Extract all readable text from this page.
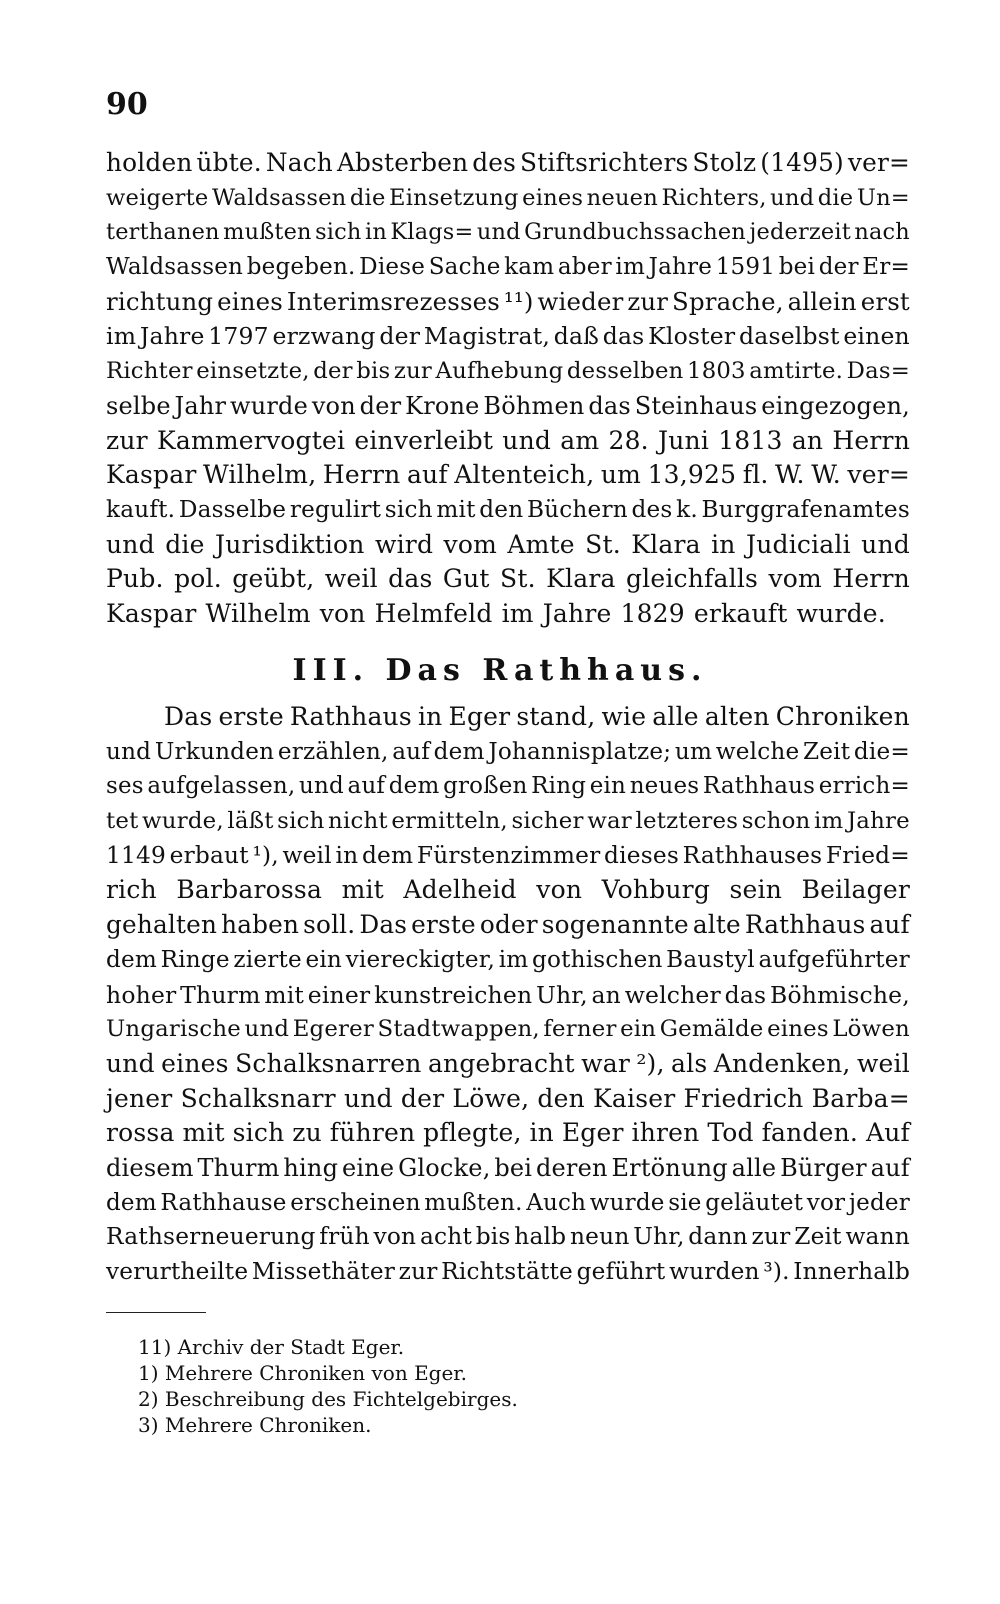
90
holden übte. Nach Absterben des Stiftsrichters Stolz (1495) ver=
weigerte Waldsassen die Einsetzung eines neuen Richters, und die Un=
terthanen mußten sich in Klags= und Grundbuchssachen jederzeit nach
Waldsassen begeben. Diese Sache kam aber im Jahre 1591 bei der Er=
richtung eines Interimsrezesses ¹¹) wieder zur Sprache, allein erst
im Jahre 1797 erzwang der Magistrat, daß das Kloster daselbst einen
Richter einsetzte, der bis zur Aufhebung desselben 1803 amtirte. Das=
selbe Jahr wurde von der Krone Böhmen das Steinhaus eingezogen,
zur Kammervogtei einverleibt und am 28. Juni 1813 an Herrn
Kaspar Wilhelm, Herrn auf Altenteich, um 13,925 fl. W. W. ver=
kauft. Dasselbe regulirt sich mit den Büchern des k. Burggrafenamtes
und die Jurisdiktion wird vom Amte St. Klara in Judiciali und
Pub. pol. geübt, weil das Gut St. Klara gleichfalls vom Herrn
Kaspar Wilhelm von Helmfeld im Jahre 1829 erkauft wurde.
III. Das Rathhaus.
Das erste Rathhaus in Eger stand, wie alle alten Chroniken
und Urkunden erzählen, auf dem Johannisplatze; um welche Zeit die=
ses aufgelassen, und auf dem großen Ring ein neues Rathhaus errich=
tet wurde, läßt sich nicht ermitteln, sicher war letzteres schon im Jahre
1149 erbaut ¹), weil in dem Fürstenzimmer dieses Rathhauses Fried=
rich Barbarossa mit Adelheid von Vohburg sein Beilager
gehalten haben soll. Das erste oder sogenannte alte Rathhaus auf
dem Ringe zierte ein viereckigter, im gothischen Baustyl aufgeführter
hoher Thurm mit einer kunstreichen Uhr, an welcher das Böhmische,
Ungarische und Egerer Stadtwappen, ferner ein Gemälde eines Löwen
und eines Schalksnarren angebracht war ²), als Andenken, weil
jener Schalksnarr und der Löwe, den Kaiser Friedrich Barba=
rossa mit sich zu führen pflegte, in Eger ihren Tod fanden. Auf
diesem Thurm hing eine Glocke, bei deren Ertönung alle Bürger auf
dem Rathhause erscheinen mußten. Auch wurde sie geläutet vor jeder
Rathserneuerung früh von acht bis halb neun Uhr, dann zur Zeit wann
verurtheilte Missethäter zur Richtstätte geführt wurden ³). Innerhalb
11) Archiv der Stadt Eger.
1) Mehrere Chroniken von Eger.
2) Beschreibung des Fichtelgebirges.
3) Mehrere Chroniken.
